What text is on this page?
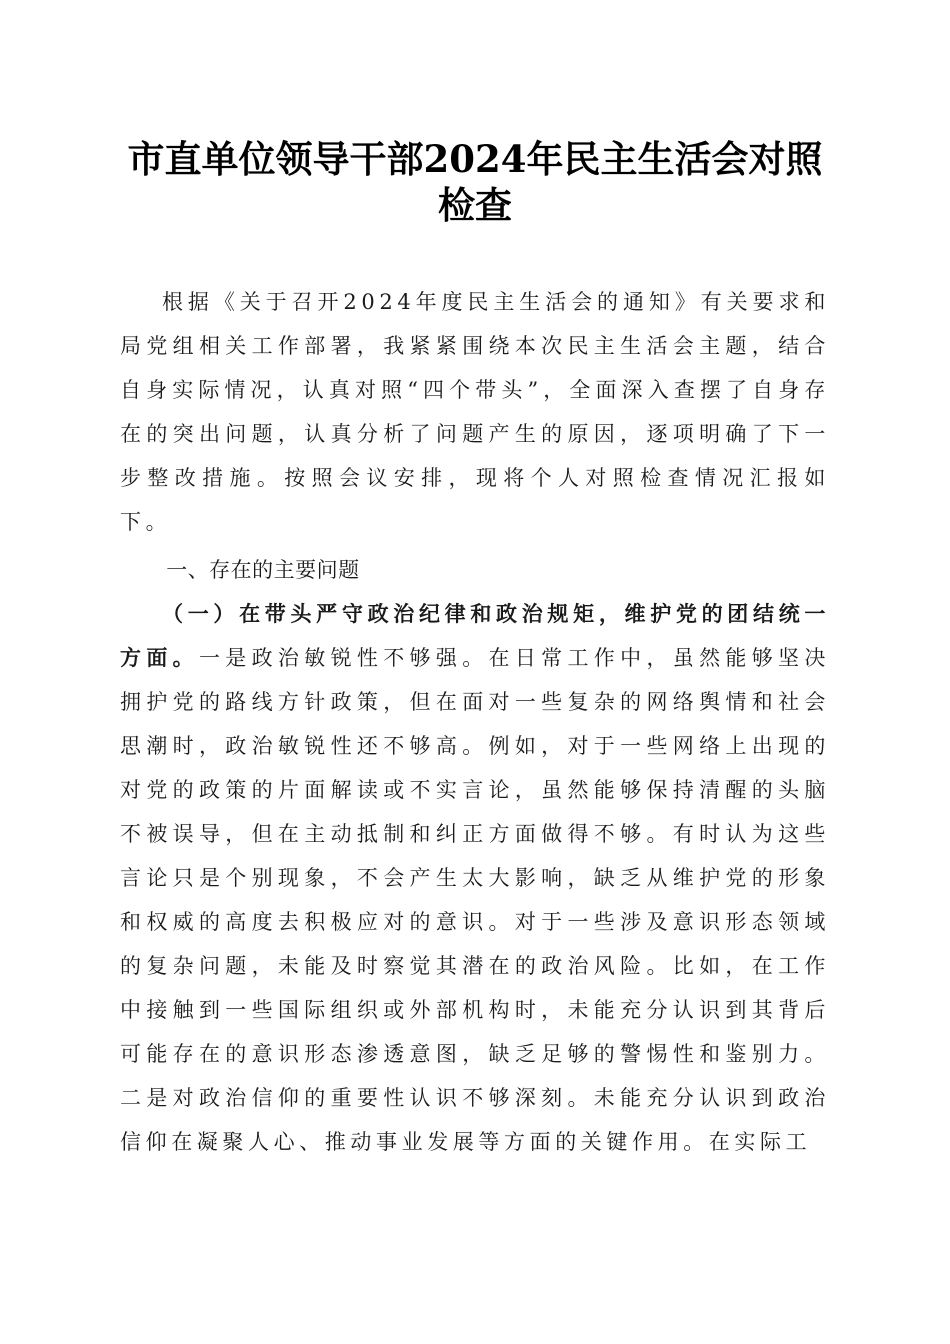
市直单位领导干部2024年民主生活会对照检查

根据《关于召开2024年度民主生活会的通知》有关要求和局党组相关工作部署，我紧紧围绕本次民主生活会主题，结合自身实际情况，认真对照“四个带头”，全面深入查摆了自身存在的突出问题，认真分析了问题产生的原因，逐项明确了下一步整改措施。按照会议安排，现将个人对照检查情况汇报如下。

一、存在的主要问题

（一）在带头严守政治纪律和政治规矩，维护党的团结统一方面。一是政治敏锐性不够强。在日常工作中，虽然能够坚决拥护党的路线方针政策，但在面对一些复杂的网络舆情和社会思潮时，政治敏锐性还不够高。例如，对于一些网络上出现的对党的政策的片面解读或不实言论，虽然能够保持清醒的头脑不被误导，但在主动抵制和纠正方面做得不够。有时认为这些言论只是个别现象，不会产生太大影响，缺乏从维护党的形象和权威的高度去积极应对的意识。对于一些涉及意识形态领域的复杂问题，未能及时察觉其潜在的政治风险。比如，在工作中接触到一些国际组织或外部机构时，未能充分认识到其背后可能存在的意识形态渗透意图，缺乏足够的警惕性和鉴别力。二是对政治信仰的重要性认识不够深刻。未能充分认识到政治信仰在凝聚人心、推动事业发展等方面的关键作用。在实际工
